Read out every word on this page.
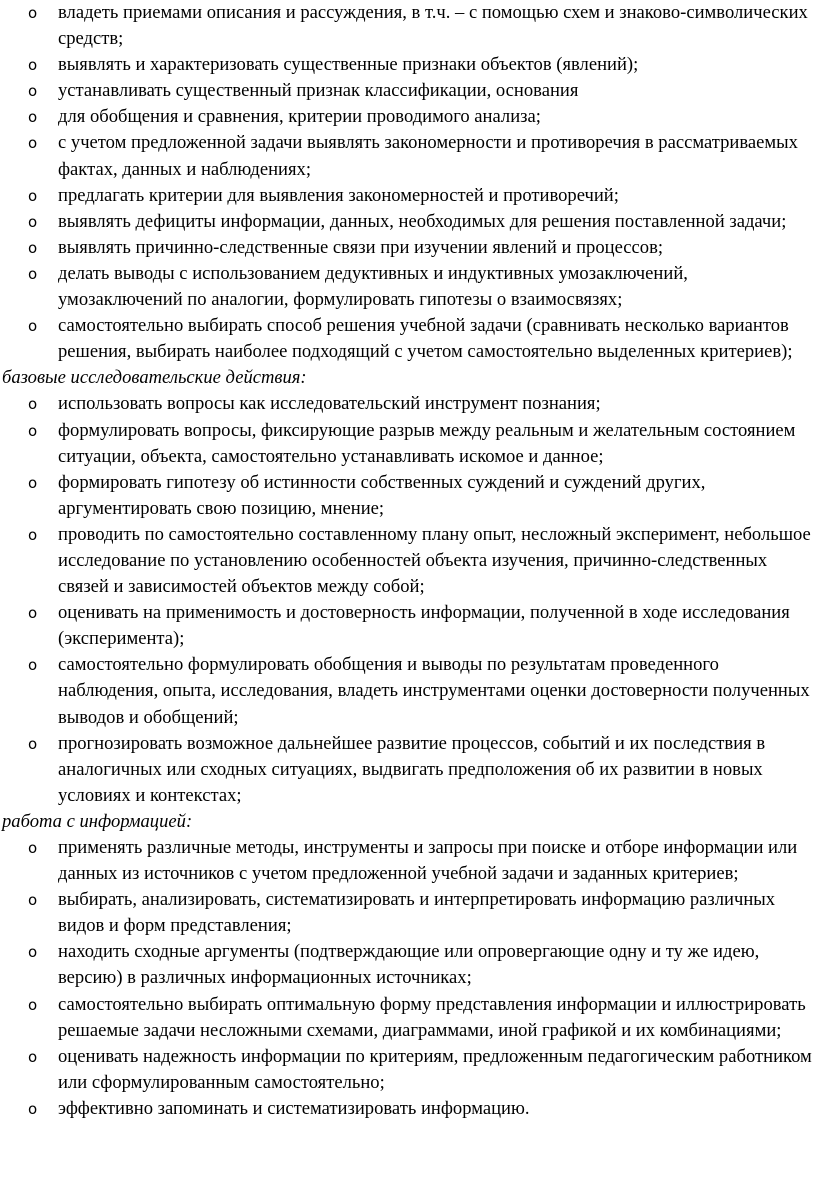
o владеть приемами описания и рассуждения, в т.ч. – с помощью схем и знаково-символических средств;
o выявлять и характеризовать существенные признаки объектов (явлений);
o устанавливать существенный признак классификации, основания
o для обобщения и сравнения, критерии проводимого анализа;
o с учетом предложенной задачи выявлять закономерности и противоречия в рассматриваемых фактах, данных и наблюдениях;
o предлагать критерии для выявления закономерностей и противоречий;
o выявлять дефициты информации, данных, необходимых для решения поставленной задачи;
o выявлять причинно-следственные связи при изучении явлений и процессов;
o делать выводы с использованием дедуктивных и индуктивных умозаключений, умозаключений по аналогии, формулировать гипотезы о взаимосвязях;
o самостоятельно выбирать способ решения учебной задачи (сравнивать несколько вариантов решения, выбирать наиболее подходящий с учетом самостоятельно выделенных критериев);

базовые исследовательские действия:

o использовать вопросы как исследовательский инструмент познания;
o формулировать вопросы, фиксирующие разрыв между реальным и желательным состоянием ситуации, объекта, самостоятельно устанавливать искомое и данное;
o формировать гипотезу об истинности собственных суждений и суждений других, аргументировать свою позицию, мнение;
o проводить по самостоятельно составленному плану опыт, несложный эксперимент, небольшое исследование по установлению особенностей объекта изучения, причинно-следственных связей и зависимостей объектов между собой;
o оценивать на применимость и достоверность информации, полученной в ходе исследования (эксперимента);
o самостоятельно формулировать обобщения и выводы по результатам проведенного наблюдения, опыта, исследования, владеть инструментами оценки достоверности полученных выводов и обобщений;
o прогнозировать возможное дальнейшее развитие процессов, событий и их последствия в аналогичных или сходных ситуациях, выдвигать предположения об их развитии в новых условиях и контекстах;

работа с информацией:

o применять различные методы, инструменты и запросы при поиске и отборе информации или данных из источников с учетом предложенной учебной задачи и заданных критериев;
o выбирать, анализировать, систематизировать и интерпретировать информацию различных видов и форм представления;
o находить сходные аргументы (подтверждающие или опровергающие одну и ту же идею, версию) в различных информационных источниках;
o самостоятельно выбирать оптимальную форму представления информации и иллюстрировать решаемые задачи несложными схемами, диаграммами, иной графикой и их комбинациями;
o оценивать надежность информации по критериям, предложенным педагогическим работником или сформулированным самостоятельно;
o эффективно запоминать и систематизировать информацию.
